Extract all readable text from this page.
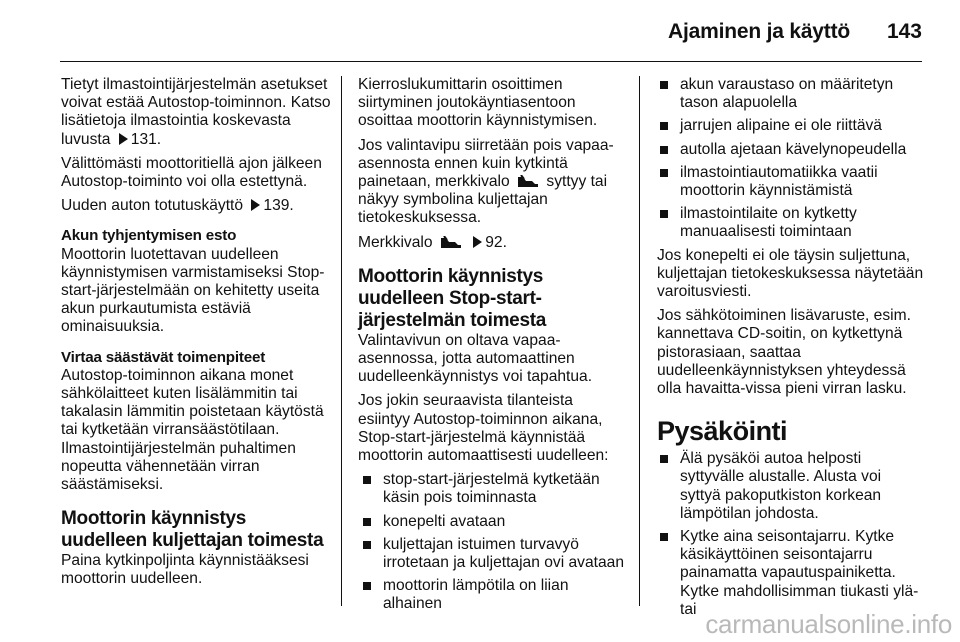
Ajaminen ja käyttö 143
Tietyt ilmastointijärjestelmän asetukset voivat estää Autostop-toiminnon. Katso lisätietoja ilmastointia koskevasta luvusta 131.
Välittömästi moottoritiellä ajon jälkeen Autostop-toiminto voi olla estettynä.
Uuden auton totutuskäyttö 139.
Akun tyhjentymisen esto
Moottorin luotettavan uudelleen käynnistymisen varmistamiseksi Stop-start-järjestelmään on kehitetty useita akun purkautumista estäviä ominaisuuksia.
Virtaa säästävät toimenpiteet
Autostop-toiminnon aikana monet sähkölaitteet kuten lisälämmitin tai takalasin lämmitin poistetaan käytöstä tai kytketään virransäästötilaan. Ilmastointijärjestelmän puhaltimen nopeutta vähennetään virran säästämiseksi.
Moottorin käynnistys uudelleen kuljettajan toimesta
Paina kytkinpoljinta käynnistääksesi moottorin uudelleen.
Kierroslukumittarin osoittimen siirtyminen joutokäyntiasentoon osoittaa moottorin käynnistymisen.
Jos valintavipu siirretään pois vapaa-asennosta ennen kuin kytkintä painetaan, merkkivalo syttyy tai näkyy symbolina kuljettajan tietokeskuksessa.
Merkkivalo	92.
Moottorin käynnistys uudelleen Stop-start-järjestelmän toimesta
Valintavivun on oltava vapaa-asennossa, jotta automaattinen uudelleenkäynnistys voi tapahtua.
Jos jokin seuraavista tilanteista esiintyy Autostop-toiminnon aikana, Stop-start-järjestelmä käynnistää moottorin automaattisesti uudelleen:
stop-start-järjestelmä kytketään käsin pois toiminnasta
konepelti avataan
kuljettajan istuimen turvavyö irrotetaan ja kuljettajan ovi avataan
moottorin lämpötila on liian alhainen
akun varaustaso on määritetyn tason alapuolella
jarrujen alipaine ei ole riittävä
autolla ajetaan kävelynopeudella
ilmastointiautomatiikka vaatii moottorin käynnistämistä
ilmastointilaite on kytketty manuaalisesti toimintaan
Jos konepelti ei ole täysin suljettuna, kuljettajan tietokeskuksessa näytetään varoitusviesti.
Jos sähkötoiminen lisävaruste, esim. kannettava CD-soitin, on kytkettynä pistorasiaan, saattaa uudelleenkäynnistyksen yhteydessä olla havaitta-vissa pieni virran lasku.
Pysäköinti
Älä pysäköi autoa helposti syttyvälle alustalle. Alusta voi syttyä pakoputkiston korkean lämpötilan johdosta.
Kytke aina seisontajarru. Kytke käsikäyttöinen seisontajarru painamatta vapautuspainiketta. Kytke mahdollisimman tiukasti ylä- tai carmanualsonline.info
